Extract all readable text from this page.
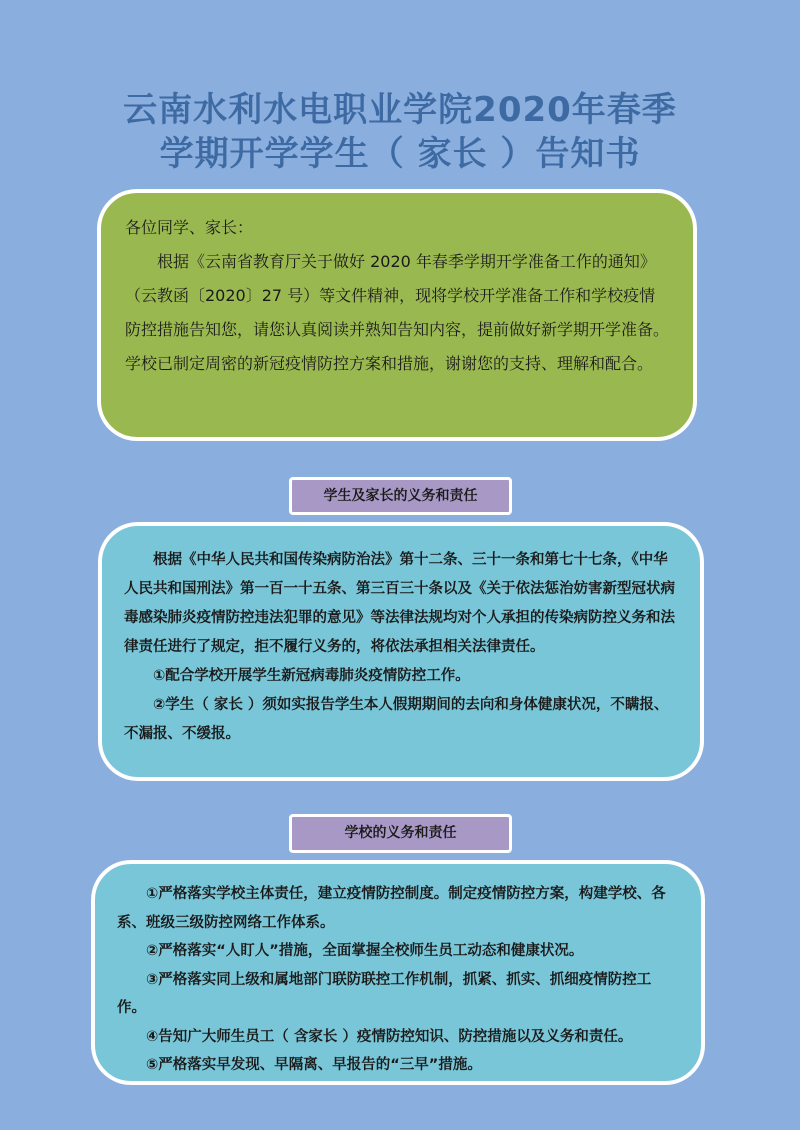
云南水利水电职业学院2020年春季
学期开学学生（ 家长 ）告知书

各位同学、家长：

根据《云南省教育厅关于做好 2020 年春季学期开学准备工作的通知》（云教函〔2020〕27 号）等文件精神，现将学校开学准备工作和学校疫情防控措施告知您，请您认真阅读并熟知告知内容，提前做好新学期开学准备。学校已制定周密的新冠疫情防控方案和措施，谢谢您的支持、理解和配合。

学生及家长的义务和责任

根据《中华人民共和国传染病防治法》第十二条、三十一条和第七十七条，《中华人民共和国刑法》第一百一十五条、第三百三十条以及《关于依法惩治妨害新型冠状病毒感染肺炎疫情防控违法犯罪的意见》等法律法规均对个人承担的传染病防控义务和法律责任进行了规定，拒不履行义务的，将依法承担相关法律责任。

①配合学校开展学生新冠病毒肺炎疫情防控工作。

②学生（ 家长 ）须如实报告学生本人假期期间的去向和身体健康状况，不瞒报、不漏报、不缓报。

学校的义务和责任

①严格落实学校主体责任，建立疫情防控制度。制定疫情防控方案，构建学校、各系、班级三级防控网络工作体系。

②严格落实“人盯人”措施，全面掌握全校师生员工动态和健康状况。

③严格落实同上级和属地部门联防联控工作机制，抓紧、抓实、抓细疫情防控工作。

④告知广大师生员工（ 含家长 ）疫情防控知识、防控措施以及义务和责任。

⑤严格落实早发现、早隔离、早报告的“三早”措施。
